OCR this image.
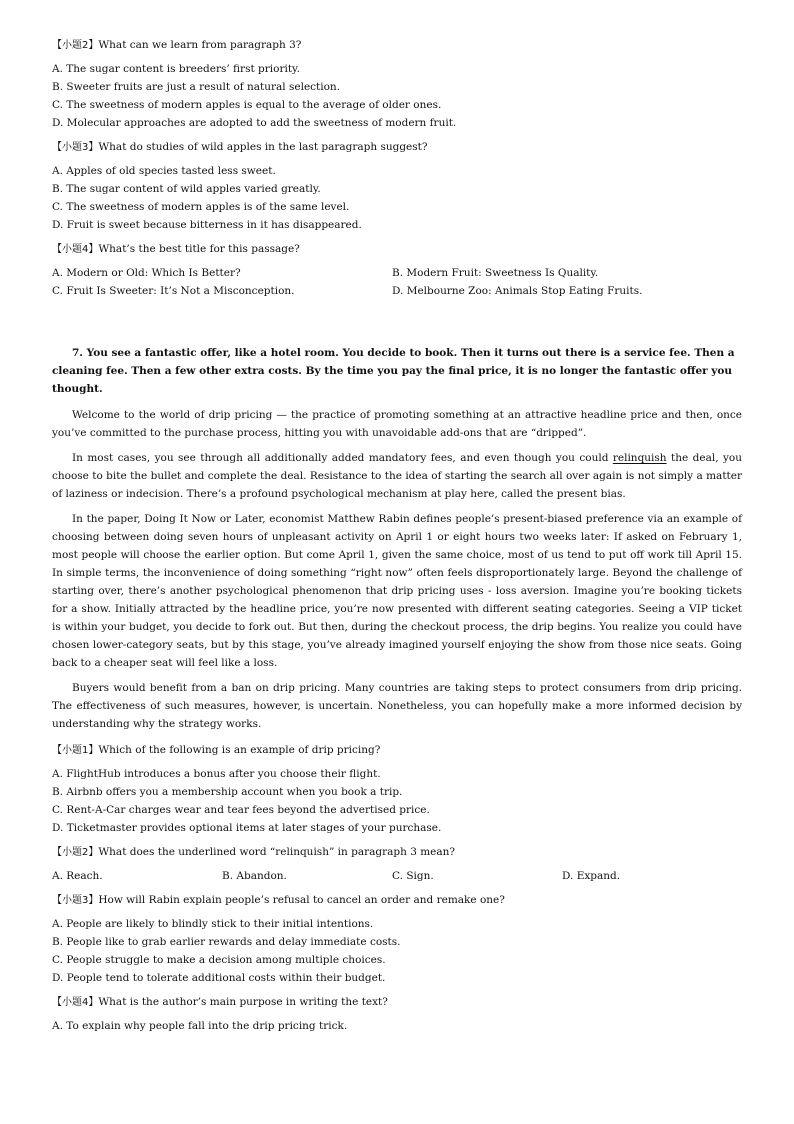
【小题2】What can we learn from paragraph 3?
A. The sugar content is breeders’ first priority.
B. Sweeter fruits are just a result of natural selection.
C. The sweetness of modern apples is equal to the average of older ones.
D. Molecular approaches are adopted to add the sweetness of modern fruit.
【小题3】What do studies of wild apples in the last paragraph suggest?
A. Apples of old species tasted less sweet.
B. The sugar content of wild apples varied greatly.
C. The sweetness of modern apples is of the same level.
D. Fruit is sweet because bitterness in it has disappeared.
【小题4】What’s the best title for this passage?
A. Modern or Old: Which Is Better?	B. Modern Fruit: Sweetness Is Quality.
C. Fruit Is Sweeter: It’s Not a Misconception.	D. Melbourne Zoo: Animals Stop Eating Fruits.
7. You see a fantastic offer, like a hotel room. You decide to book. Then it turns out there is a service fee. Then a cleaning fee. Then a few other extra costs. By the time you pay the final price, it is no longer the fantastic offer you thought.
Welcome to the world of drip pricing — the practice of promoting something at an attractive headline price and then, once you’ve committed to the purchase process, hitting you with unavoidable add-ons that are “dripped”.
In most cases, you see through all additionally added mandatory fees, and even though you could relinquish the deal, you choose to bite the bullet and complete the deal. Resistance to the idea of starting the search all over again is not simply a matter of laziness or indecision. There’s a profound psychological mechanism at play here, called the present bias.
In the paper, Doing It Now or Later, economist Matthew Rabin defines people’s present-biased preference via an example of choosing between doing seven hours of unpleasant activity on April 1 or eight hours two weeks later: If asked on February 1, most people will choose the earlier option. But come April 1, given the same choice, most of us tend to put off work till April 15. In simple terms, the inconvenience of doing something “right now” often feels disproportionately large. Beyond the challenge of starting over, there’s another psychological phenomenon that drip pricing uses - loss aversion. Imagine you’re booking tickets for a show. Initially attracted by the headline price, you’re now presented with different seating categories. Seeing a VIP ticket is within your budget, you decide to fork out. But then, during the checkout process, the drip begins. You realize you could have chosen lower-category seats, but by this stage, you’ve already imagined yourself enjoying the show from those nice seats. Going back to a cheaper seat will feel like a loss.
Buyers would benefit from a ban on drip pricing. Many countries are taking steps to protect consumers from drip pricing. The effectiveness of such measures, however, is uncertain. Nonetheless, you can hopefully make a more informed decision by understanding why the strategy works.
【小题1】Which of the following is an example of drip pricing?
A. FlightHub introduces a bonus after you choose their flight.
B. Airbnb offers you a membership account when you book a trip.
C. Rent-A-Car charges wear and tear fees beyond the advertised price.
D. Ticketmaster provides optional items at later stages of your purchase.
【小题2】What does the underlined word “relinquish” in paragraph 3 mean?
A. Reach.	B. Abandon.	C. Sign.	D. Expand.
【小题3】How will Rabin explain people’s refusal to cancel an order and remake one?
A. People are likely to blindly stick to their initial intentions.
B. People like to grab earlier rewards and delay immediate costs.
C. People struggle to make a decision among multiple choices.
D. People tend to tolerate additional costs within their budget.
【小题4】What is the author’s main purpose in writing the text?
A. To explain why people fall into the drip pricing trick.
